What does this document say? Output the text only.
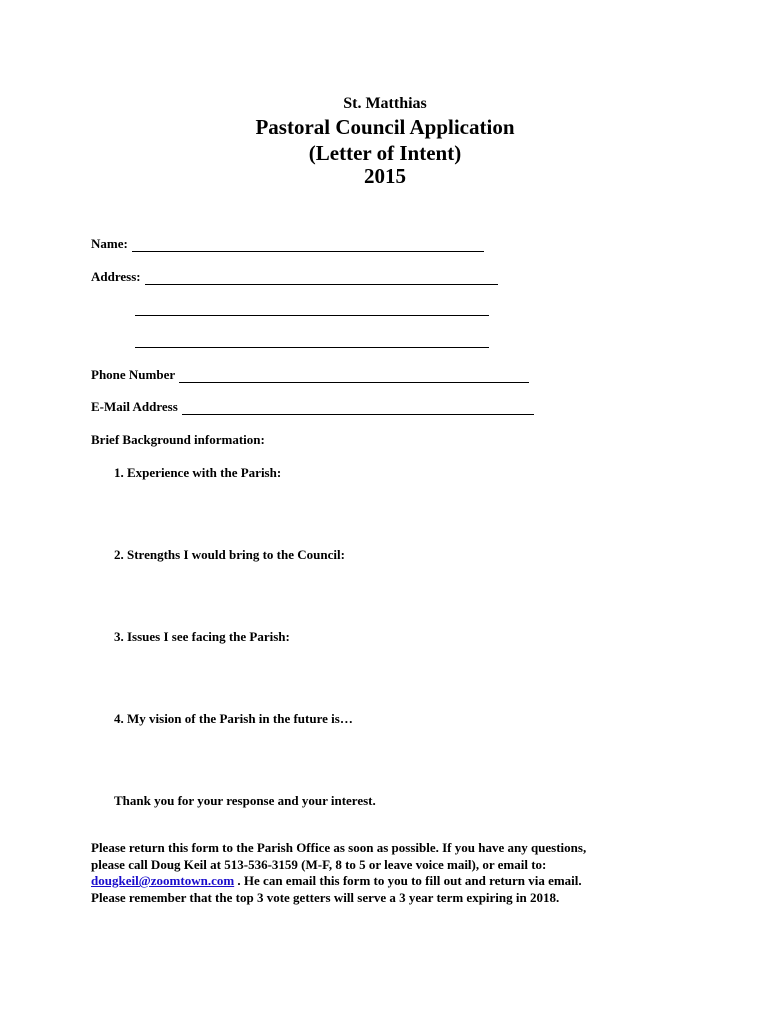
St. Matthias
Pastoral Council Application
(Letter of Intent)
2015
Name:
Address:
Phone Number
E-Mail Address
Brief Background information:
1. Experience with the Parish:
2. Strengths I would bring to the Council:
3. Issues I see facing the Parish:
4. My vision of the Parish in the future is…
Thank you for your response and your interest.
Please return this form to the Parish Office as soon as possible. If you have any questions, please call Doug Keil at 513-536-3159 (M-F, 8 to 5 or leave voice mail), or email to: dougkeil@zoomtown.com . He can email this form to you to fill out and return via email. Please remember that the top 3 vote getters will serve a 3 year term expiring in 2018.
